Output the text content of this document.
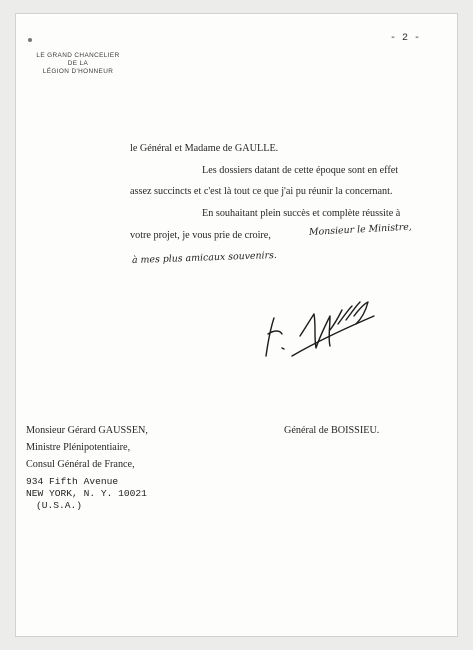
LE GRAND CHANCELIER
DE LA
LÉGION D'HONNEUR
- 2 -
le Général et Madame de GAULLE.
Les dossiers datant de cette époque sont en effet
assez succincts et c'est là tout ce que j'ai pu réunir la concernant.
En souhaitant plein succès et complète réussite à
votre projet, je vous prie de croire,	Monsieur le Ministre,
à mes plus amicaux souvenirs.
Général de BOISSIEU.
Monsieur Gérard GAUSSEN,
Ministre Plénipotentiaire,
Consul Général de France,
934 Fifth Avenue
NEW YORK, N. Y. 10021
(U.S.A.)
